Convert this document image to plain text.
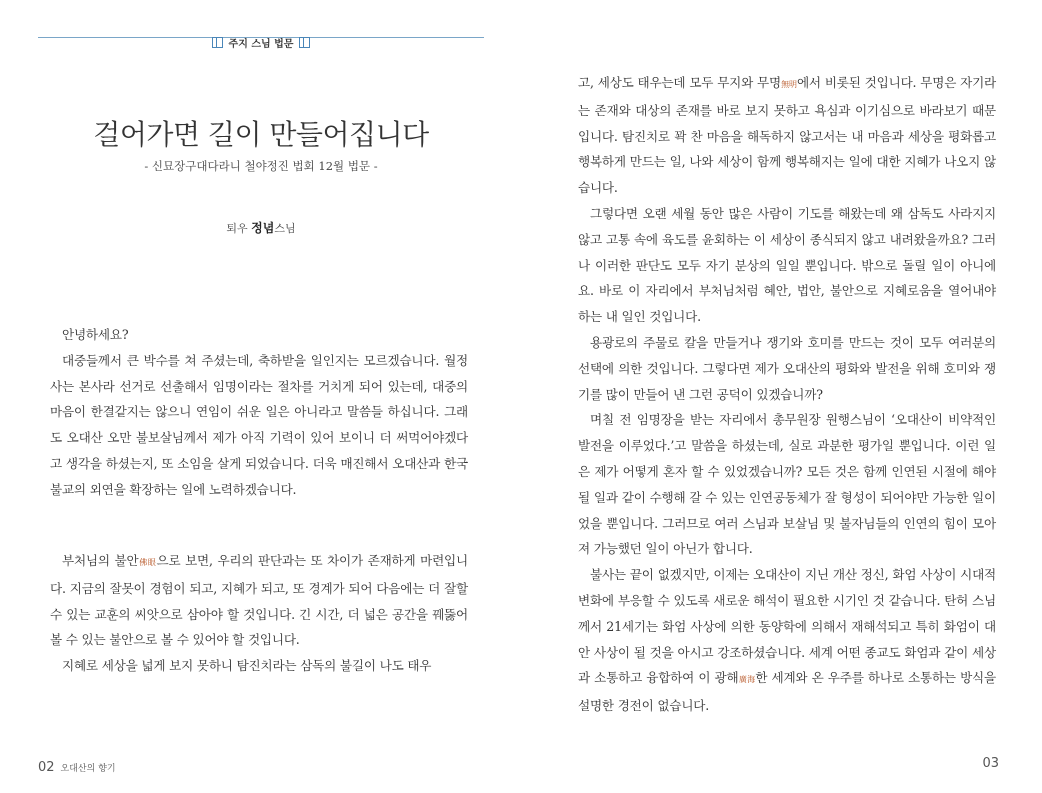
주지 스님 법문
걸어가면 길이 만들어집니다
- 신묘장구대다라니 철야정진 법회 12월 법문 -
퇴우 정념스님

안녕하세요?

대중들께서 큰 박수를 쳐 주셨는데, 축하받을 일인지는 모르겠습니다. 월정사는 본사라 선거로 선출해서 임명이라는 절차를 거치게 되어 있는데, 대중의 마음이 한결같지는 않으니 연임이 쉬운 일은 아니라고 말씀들 하십니다. 그래도 오대산 오만 불보살님께서 제가 아직 기력이 있어 보이니 더 써먹어야겠다고 생각을 하셨는지, 또 소임을 살게 되었습니다. 더욱 매진해서 오대산과 한국불교의 외연을 확장하는 일에 노력하겠습니다.

부처님의 불안佛眼으로 보면, 우리의 판단과는 또 차이가 존재하게 마련입니다. 지금의 잘못이 경험이 되고, 지혜가 되고, 또 경계가 되어 다음에는 더 잘할 수 있는 교훈의 씨앗으로 삼아야 할 것입니다. 긴 시간, 더 넓은 공간을 꿰뚫어 볼 수 있는 불안으로 볼 수 있어야 할 것입니다.

지혜로 세상을 넓게 보지 못하니 탐진치라는 삼독의 불길이 나도 태우

02 오대산의 향기

고, 세상도 태우는데 모두 무지와 무명無明에서 비롯된 것입니다. 무명은 자기라는 존재와 대상의 존재를 바로 보지 못하고 욕심과 이기심으로 바라보기 때문입니다. 탐진치로 꽉 찬 마음을 해독하지 않고서는 내 마음과 세상을 평화롭고 행복하게 만드는 일, 나와 세상이 함께 행복해지는 일에 대한 지혜가 나오지 않습니다.

그렇다면 오랜 세월 동안 많은 사람이 기도를 해왔는데 왜 삼독도 사라지지 않고 고통 속에 육도를 윤회하는 이 세상이 종식되지 않고 내려왔을까요? 그러나 이러한 판단도 모두 자기 분상의 일일 뿐입니다. 밖으로 돌릴 일이 아니에요. 바로 이 자리에서 부처님처럼 혜안, 법안, 불안으로 지혜로움을 열어내야 하는 내 일인 것입니다.

용광로의 주물로 칼을 만들거나 쟁기와 호미를 만드는 것이 모두 여러분의 선택에 의한 것입니다. 그렇다면 제가 오대산의 평화와 발전을 위해 호미와 쟁기를 많이 만들어 낸 그런 공덕이 있겠습니까?

며칠 전 임명장을 받는 자리에서 총무원장 원행스님이 ‘오대산이 비약적인 발전을 이루었다.’고 말씀을 하셨는데, 실로 과분한 평가일 뿐입니다. 이런 일은 제가 어떻게 혼자 할 수 있었겠습니까? 모든 것은 함께 인연된 시절에 해야 될 일과 같이 수행해 갈 수 있는 인연공동체가 잘 형성이 되어야만 가능한 일이었을 뿐입니다. 그러므로 여러 스님과 보살님 및 불자님들의 인연의 힘이 모아져 가능했던 일이 아닌가 합니다.

불사는 끝이 없겠지만, 이제는 오대산이 지닌 개산 정신, 화엄 사상이 시대적 변화에 부응할 수 있도록 새로운 해석이 필요한 시기인 것 같습니다. 탄허 스님께서 21세기는 화엄 사상에 의한 동양학에 의해서 재해석되고 특히 화엄이 대안 사상이 될 것을 아시고 강조하셨습니다. 세계 어떤 종교도 화엄과 같이 세상과 소통하고 융합하여 이 광해廣海한 세계와 온 우주를 하나로 소통하는 방식을 설명한 경전이 없습니다.

03
